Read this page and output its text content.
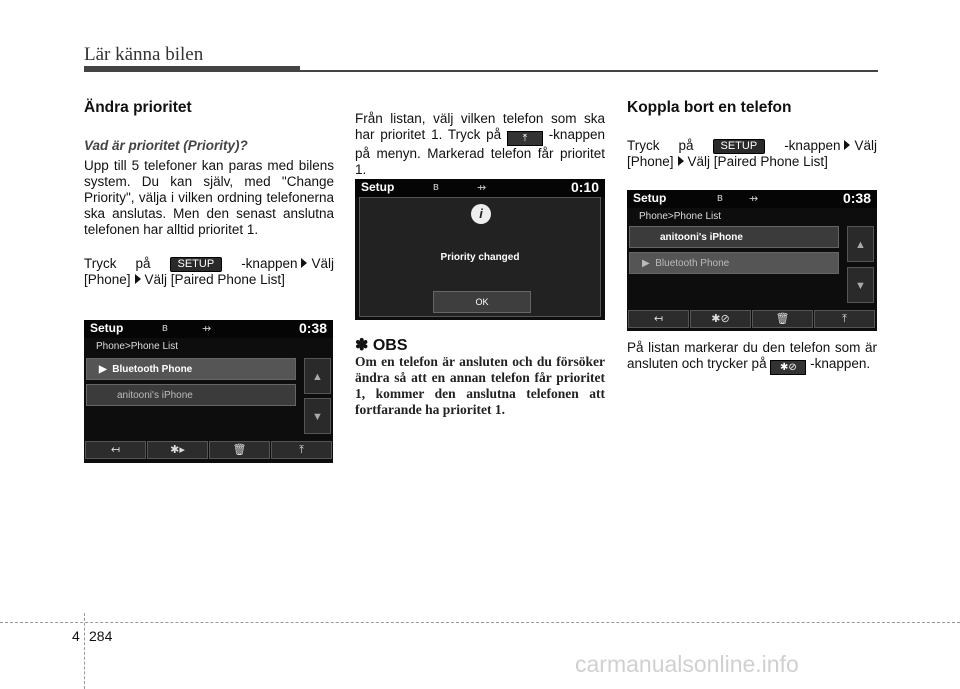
Lär känna bilen

Ändra prioritet

Vad är prioritet (Priority)?

Upp till 5 telefoner kan paras med bilens system. Du kan själv, med "Change Priority", välja i vilken ordning telefonerna ska anslutas. Men den senast anslutna telefonen har alltid prioritet 1.

Tryck på SETUP -knappen Välj [Phone] Välj [Paired Phone List]

Setup	ʙ	⇸	0:38
Phone>Phone List
▶  Bluetooth Phone
anitooni's iPhone
▲
▼
↤	✱▸	🗑	⤒

Från listan, välj vilken telefon som ska har prioritet 1. Tryck på ⤒ -knappen på menyn. Markerad telefon får prioritet 1.

Setup	ʙ	⇸	0:10
i
Priority changed
OK

✽ OBS

Om en telefon är ansluten och du försöker ändra så att en annan telefon får prioritet 1, kommer den anslutna telefonen att fortfarande ha prioritet 1.

Koppla bort en telefon

Tryck på SETUP -knappen Välj [Phone] Välj [Paired Phone List]

Setup	ʙ ⇸	0:38
Phone>Phone List
anitooni's iPhone
▶  Bluetooth Phone
▲
▼
↤	✱⊘	🗑	⤒

På listan markerar du den telefon som är ansluten och trycker på ✱⊘ -knappen.

4 284
carmanualsonline.info
